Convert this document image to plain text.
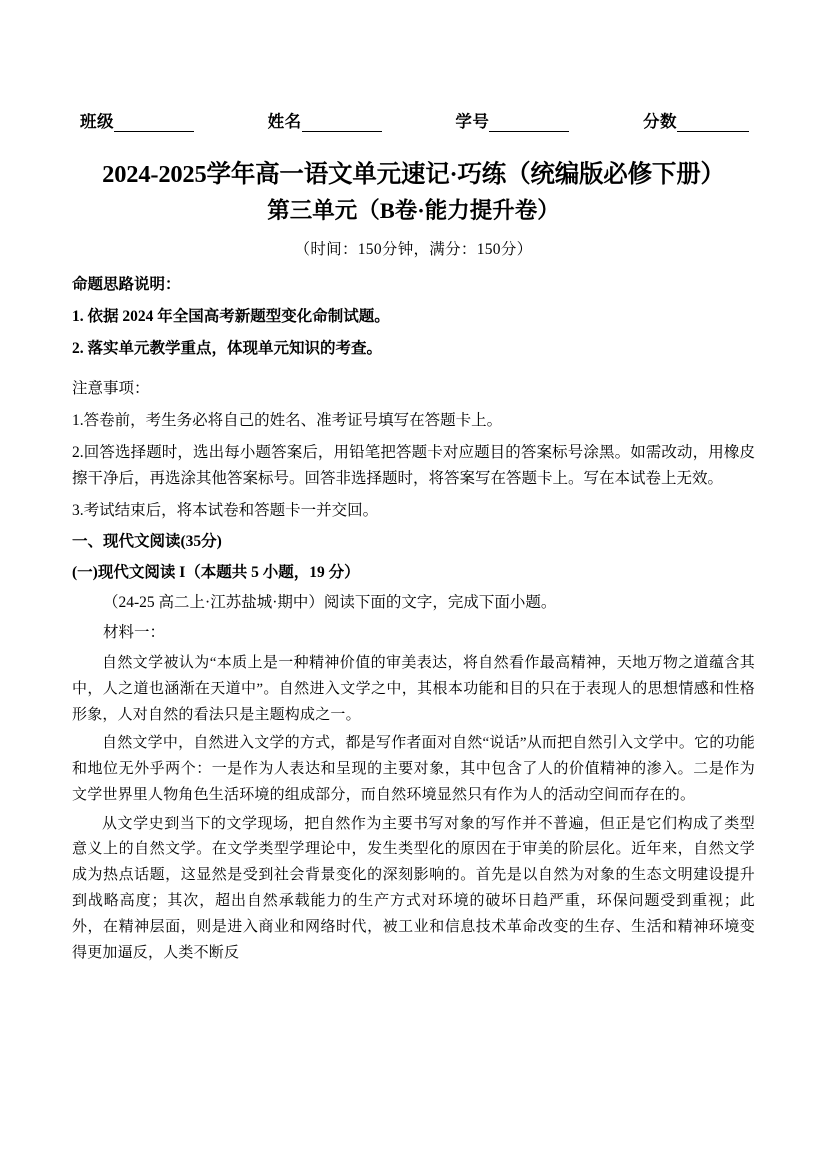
班级	姓名	学号	分数
2024-2025学年高一语文单元速记·巧练（统编版必修下册）
第三单元（B卷·能力提升卷）
（时间：150分钟，满分：150分）
命题思路说明：
1. 依据 2024 年全国高考新题型变化命制试题。
2. 落实单元教学重点，体现单元知识的考查。
注意事项：
1.答卷前，考生务必将自己的姓名、准考证号填写在答题卡上。
2.回答选择题时，选出每小题答案后，用铅笔把答题卡对应题目的答案标号涂黑。如需改动，用橡皮擦干净后，再选涂其他答案标号。回答非选择题时，将答案写在答题卡上。写在本试卷上无效。
3.考试结束后，将本试卷和答题卡一并交回。
一、现代文阅读(35分)
(一)现代文阅读 I（本题共 5 小题，19 分）
（24-25 高二上·江苏盐城·期中）阅读下面的文字，完成下面小题。
材料一：

自然文学被认为“本质上是一种精神价值的审美表达，将自然看作最高精神，天地万物之道蕴含其中，人之道也涵渐在天道中”。自然进入文学之中，其根本功能和目的只在于表现人的思想情感和性格形象，人对自然的看法只是主题构成之一。

自然文学中，自然进入文学的方式，都是写作者面对自然“说话”从而把自然引入文学中。它的功能和地位无外乎两个：一是作为人表达和呈现的主要对象，其中包含了人的价值精神的渗入。二是作为文学世界里人物角色生活环境的组成部分，而自然环境显然只有作为人的活动空间而存在的。

从文学史到当下的文学现场，把自然作为主要书写对象的写作并不普遍，但正是它们构成了类型意义上的自然文学。在文学类型学理论中，发生类型化的原因在于审美的阶层化。近年来，自然文学成为热点话题，这显然是受到社会背景变化的深刻影响的。首先是以自然为对象的生态文明建设提升到战略高度；其次，超出自然承载能力的生产方式对环境的破坏日趋严重，环保问题受到重视；此外，在精神层面，则是进入商业和网络时代，被工业和信息技术革命改变的生存、生活和精神环境变得更加逼反，人类不断反
